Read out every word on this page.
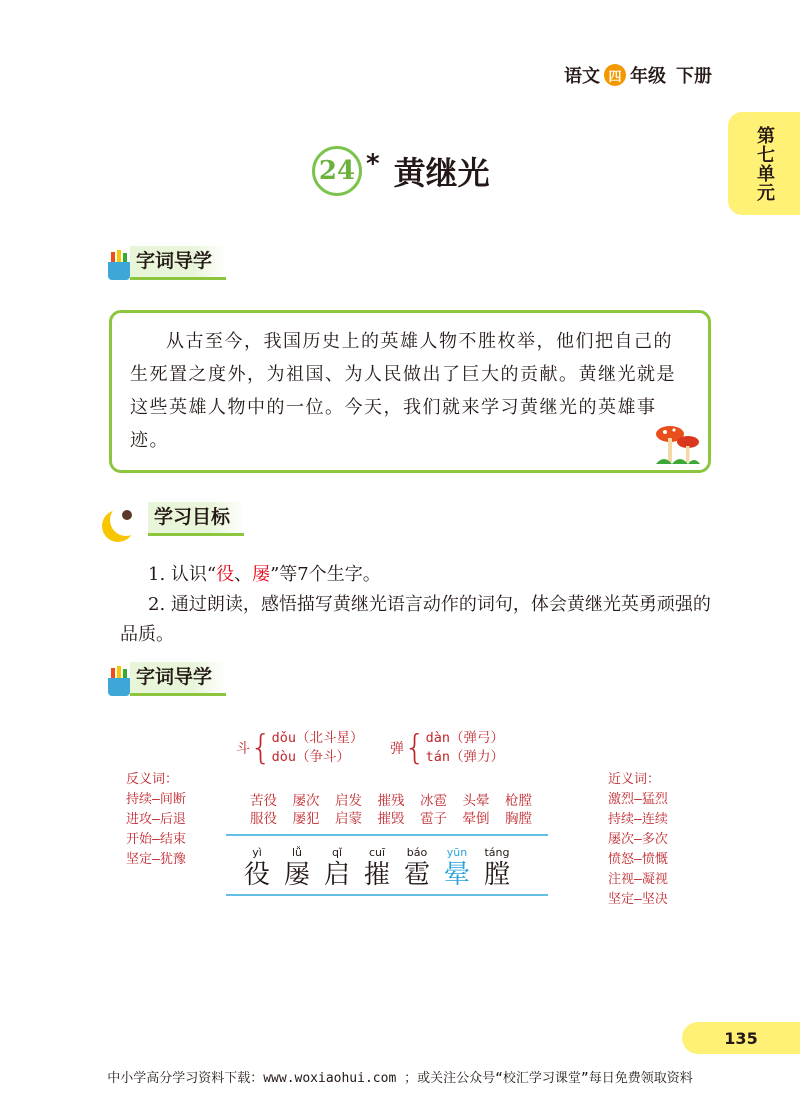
语文 四 年级 下册
第七单元
24 * 黄继光
字词导学
从古至今，我国历史上的英雄人物不胜枚举，他们把自己的生死置之度外，为祖国、为人民做出了巨大的贡献。黄继光就是这些英雄人物中的一位。今天，我们就来学习黄继光的英雄事迹。
学习目标

1. 认识“役、屡”等7个生字。

2. 通过朗读，感悟描写黄继光语言动作的词句，体会黄继光英勇顽强的品质。

字词导学
斗 { dǒu（北斗星）
dòu（争斗）	弹 { dàn（弹弓）
tán（弹力）
反义词：
持续—间断
进攻—后退
开始—结束
坚定—犹豫
近义词：
激烈—猛烈
持续—连续
屡次—多次
愤怒—愤慨
注视—凝视
坚定—坚决
苦役 屡次 启发 摧残 冰雹 头晕 枪膛
服役 屡犯 启蒙 摧毁 雹子 晕倒 胸膛
yì
役
lǚ
屡
qǐ
启
cuī
摧
báo
雹
yūn
晕
táng
膛
135
中小学高分学习资料下载：www.woxiaohui.com ；或关注公众号“校汇学习课堂”每日免费领取资料
